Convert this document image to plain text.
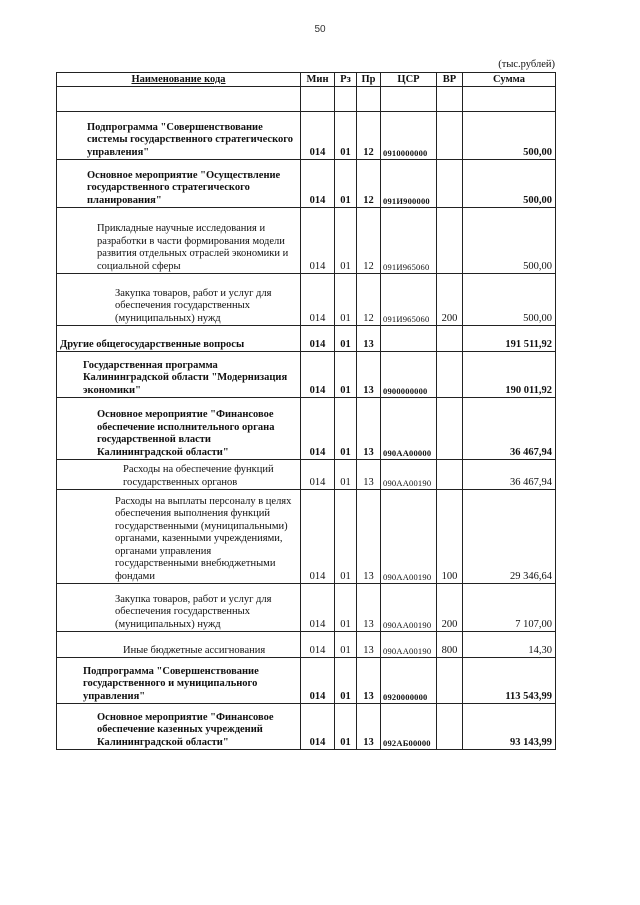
50
(тыс.рублей)
Наименование кода	Мин	Рз	Пр	ЦСР	ВР	Сумма

Подпрограмма "Совершенствование системы государственного стратегического управления"	014	01	12	0910000000		500,00
Основное мероприятие "Осуществление государственного стратегического планирования"	014	01	12	091И900000		500,00
Прикладные научные исследования и разработки в части формирования модели развития отдельных отраслей экономики и социальной сферы	014	01	12	091И965060		500,00
Закупка товаров, работ и услуг для обеспечения государственных (муниципальных) нужд	014	01	12	091И965060	200	500,00
Другие общегосударственные вопросы	014	01	13			191 511,92
Государственная программа Калининградской области "Модернизация экономики"	014	01	13	0900000000		190 011,92
Основное мероприятие "Финансовое обеспечение исполнительного органа государственной власти Калининградской области"	014	01	13	090АА00000		36 467,94
Расходы на обеспечение функций государственных органов	014	01	13	090АА00190		36 467,94
Расходы на выплаты персоналу в целях обеспечения выполнения функций государственными (муниципальными) органами, казенными учреждениями, органами управления государственными внебюджетными фондами	014	01	13	090АА00190	100	29 346,64
Закупка товаров, работ и услуг для обеспечения государственных (муниципальных) нужд	014	01	13	090АА00190	200	7 107,00
Иные бюджетные ассигнования	014	01	13	090АА00190	800	14,30
Подпрограмма "Совершенствование государственного и муниципального управления"	014	01	13	0920000000		113 543,99
Основное мероприятие "Финансовое обеспечение казенных учреждений Калининградской области"	014	01	13	092АБ00000		93 143,99
